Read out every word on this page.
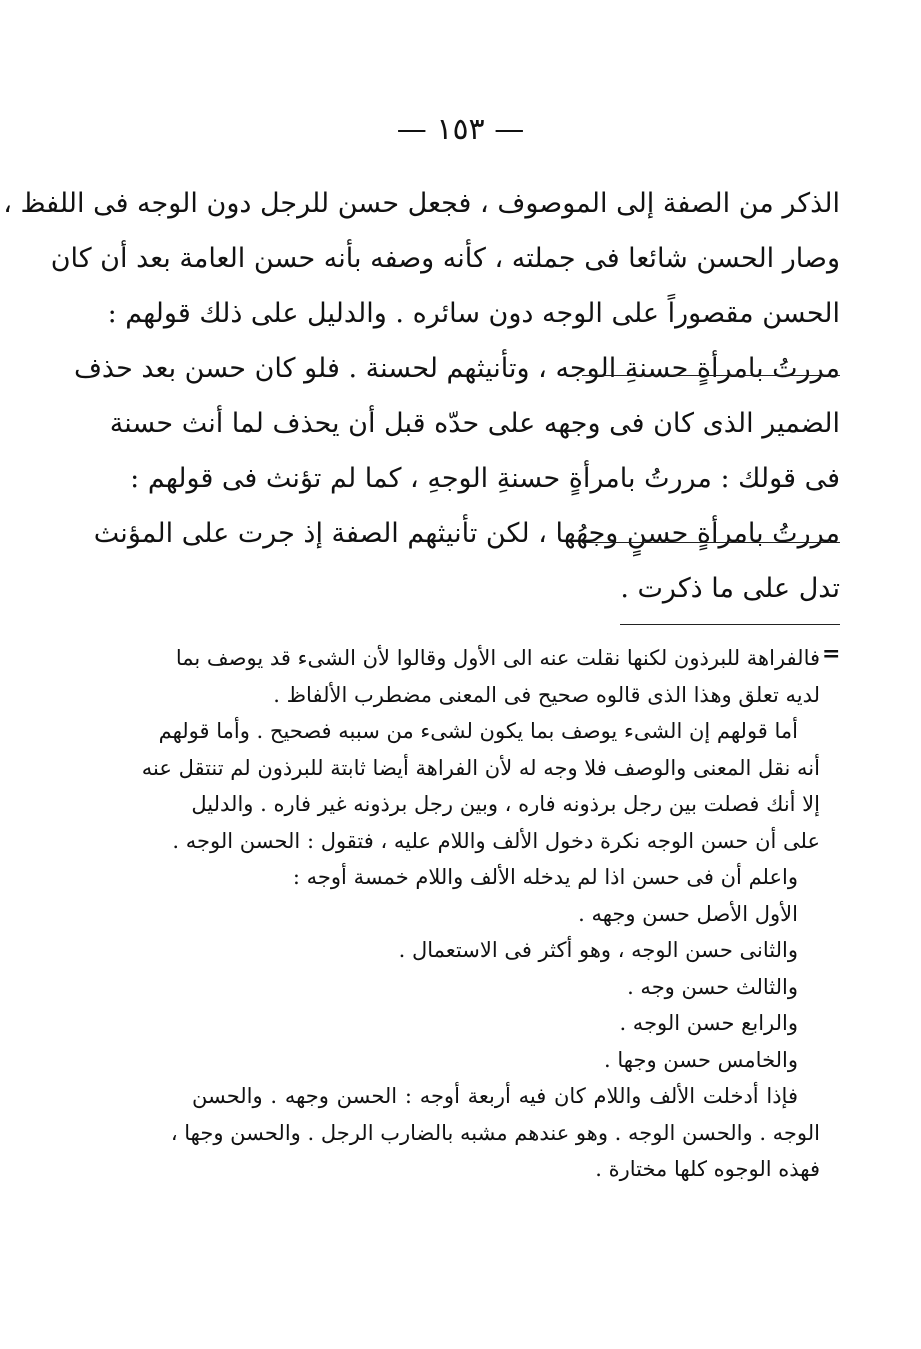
— ١٥٣ —
الذكر من الصفة إلى الموصوف ، فجعل حسن للرجل دون الوجه فى اللفظ ،
وصار الحسن شائعا فى جملته ، كأنه وصفه بأنه حسن العامة بعد أن كان
الحسن مقصوراً على الوجه دون سائره . والدليل على ذلك قولهم :
مررتُ بامرأةٍ حسنةِ الوجه ، وتأنيثهم لحسنة . فلو كان حسن بعد حذف
الضمير الذى كان فى وجهه على حدّه قبل أن يحذف لما أنث حسنة
فى قولك : مررتُ بامرأةٍ حسنةِ الوجهِ ، كما لم تؤنث فى قولهم :
مررتُ بامرأةٍ حسنٍ وجهُها ، لكن تأنيثهم الصفة إذ جرت على المؤنث
تدل على ما ذكرت .
=
فالفراهة للبرذون لكنها نقلت عنه الى الأول وقالوا لأن الشىء قد يوصف بما
لديه تعلق وهذا الذى قالوه صحيح فى المعنى مضطرب الألفاظ .
أما قولهم إن الشىء يوصف بما يكون لشىء من سببه فصحيح . وأما قولهم
أنه نقل المعنى والوصف فلا وجه له لأن الفراهة أيضا ثابتة للبرذون لم تنتقل عنه
إلا أنك فصلت بين رجل برذونه فاره ، وبين رجل برذونه غير فاره . والدليل
على أن حسن الوجه نكرة دخول الألف واللام عليه ، فتقول : الحسن الوجه .
واعلم أن فى حسن اذا لم يدخله الألف واللام خمسة أوجه :
الأول الأصل حسن وجهه .
والثانى حسن الوجه ، وهو أكثر فى الاستعمال .
والثالث حسن وجه .
والرابع حسن الوجه .
والخامس حسن وجها .
فإذا أدخلت الألف واللام كان فيه أربعة أوجه : الحسن وجهه . والحسن
الوجه . والحسن الوجه . وهو عندهم مشبه بالضارب الرجل . والحسن وجها ،
فهذه الوجوه كلها مختارة .
